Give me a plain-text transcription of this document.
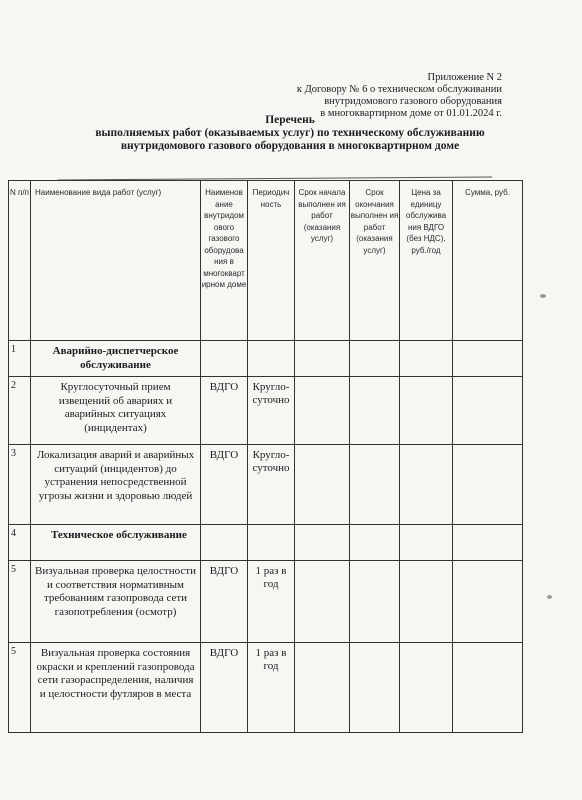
Приложение N 2
к Договору № 6 о техническом обслуживании
внутридомового газового оборудования
в многоквартирном доме от 01.01.2024 г.
Перечень
выполняемых работ (оказываемых услуг) по техническому обслуживанию
внутридомового газового оборудования в многоквартирном доме
N п/п	Наименование вида работ (услуг)	Наименов ание внутридом ового газового оборудова ния в многокварт ирном доме	Периодич ность	Срок начала выполнен ия работ (оказания услуг)	Срок окончания выполнен ия работ (оказания услуг)	Цена за единицу обслужива ния ВДГО (без НДС), руб./год	Сумма, руб.
1	Аварийно-диспетчерское обслуживание						
2	Круглосуточный прием извещений об авариях и аварийных ситуациях (инцидентах)	ВДГО	Кругло-суточно				
3	Локализация аварий и аварийных ситуаций (инцидентов) до устранения непосредственной угрозы жизни и здоровью людей	ВДГО	Кругло-суточно				
4	Техническое обслуживание						
5	Визуальная проверка целостности и соответствия нормативным требованиям газопровода сети газопотребления (осмотр)	ВДГО	1 раз в год				
5	Визуальная проверка состояния окраски и креплений газопровода сети газораспределения, наличия и целостности футляров в места	ВДГО	1 раз в год				
